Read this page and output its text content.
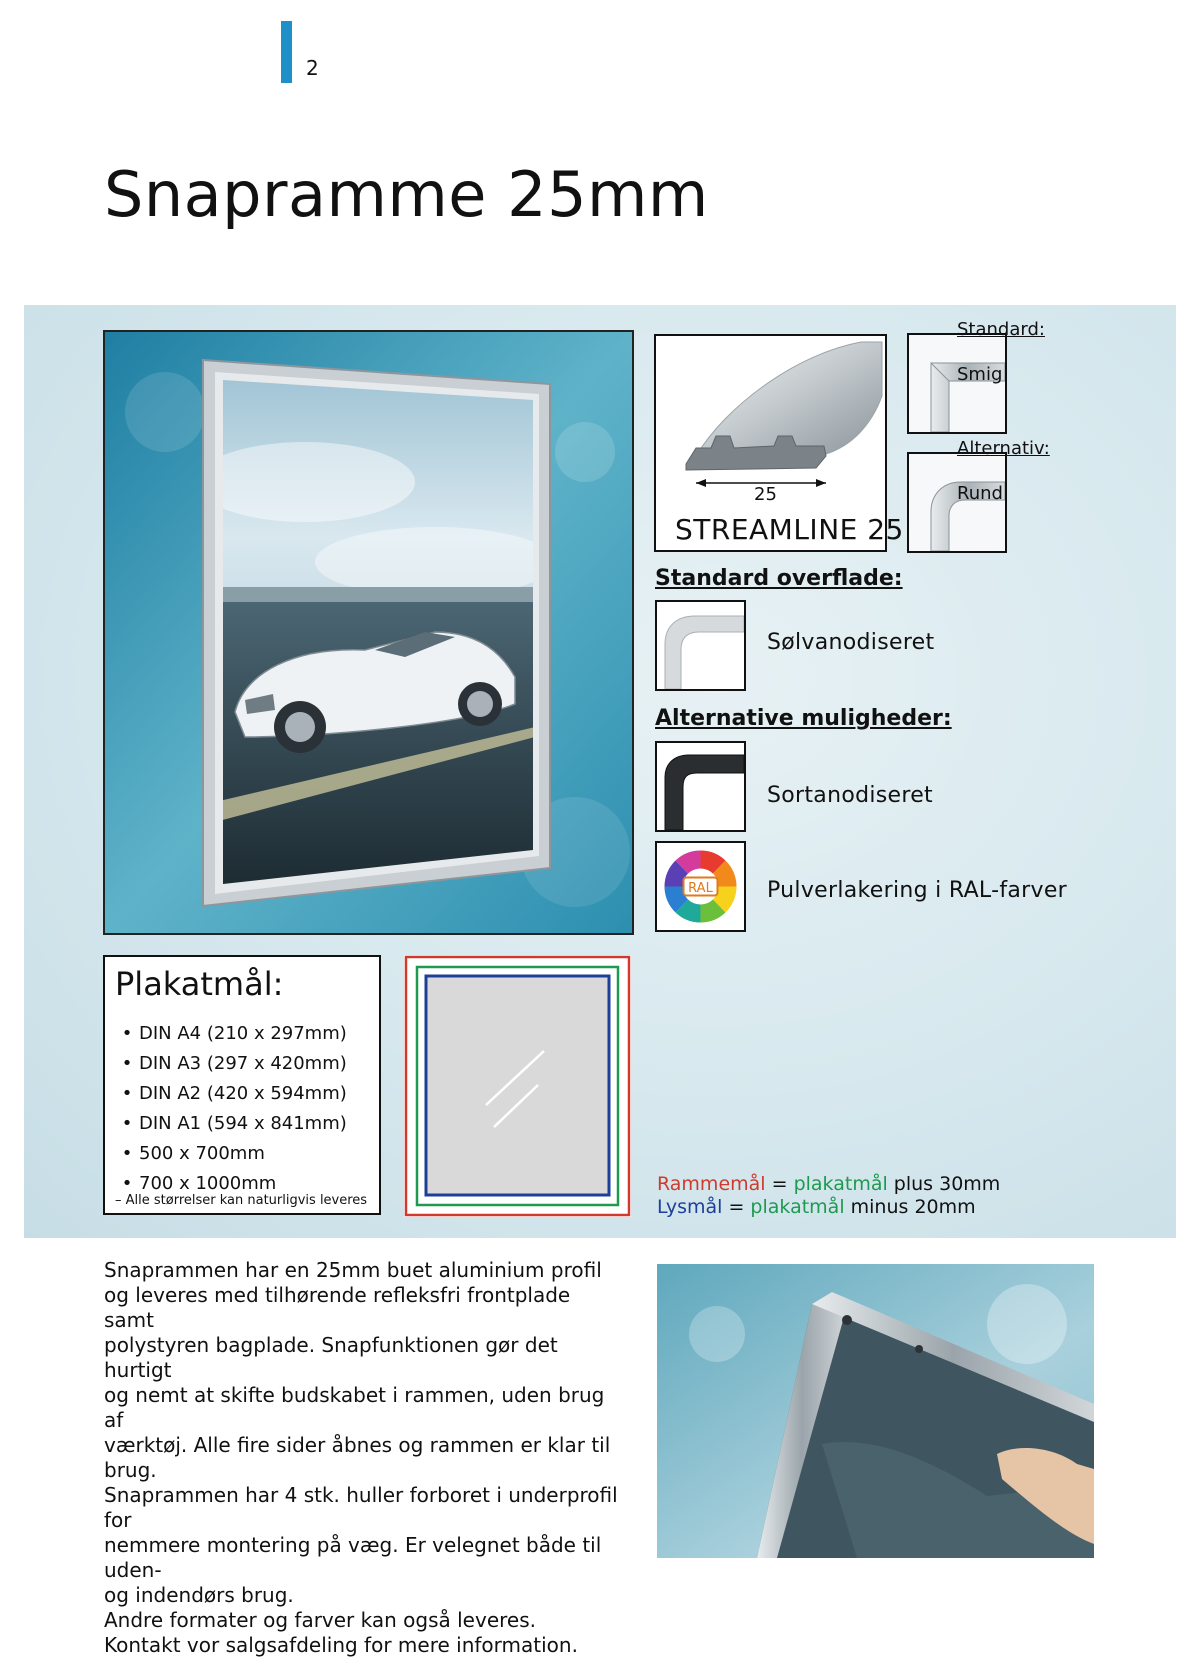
2
Snapramme 25mm
25
STREAMLINE 25
Standard:
Smig
Alternativ:
Rund
Standard overflade:
Sølvanodiseret
Alternative muligheder:
Sortanodiseret
RAL Pulverlakering i RAL-farver
Plakatmål:
• DIN A4 (210 x 297mm)
• DIN A3 (297 x 420mm)
• DIN A2 (420 x 594mm)
• DIN A1 (594 x 841mm)
• 500 x 700mm
• 700 x 1000mm
– Alle størrelser kan naturligvis leveres
Rammemål = plakatmål plus 30mm
Lysmål = plakatmål minus 20mm

Snaprammen har en 25mm buet aluminium profil
og leveres med tilhørende refleksfri frontplade samt
polystyren bagplade. Snapfunktionen gør det hurtigt
og nemt at skifte budskabet i rammen, uden brug af
værktøj. Alle fire sider åbnes og rammen er klar til brug.
Snaprammen har 4 stk. huller forboret i underprofil for
nemmere montering på væg. Er velegnet både til uden-
og indendørs brug.
Andre formater og farver kan også leveres.
Kontakt vor salgsafdeling for mere information.
